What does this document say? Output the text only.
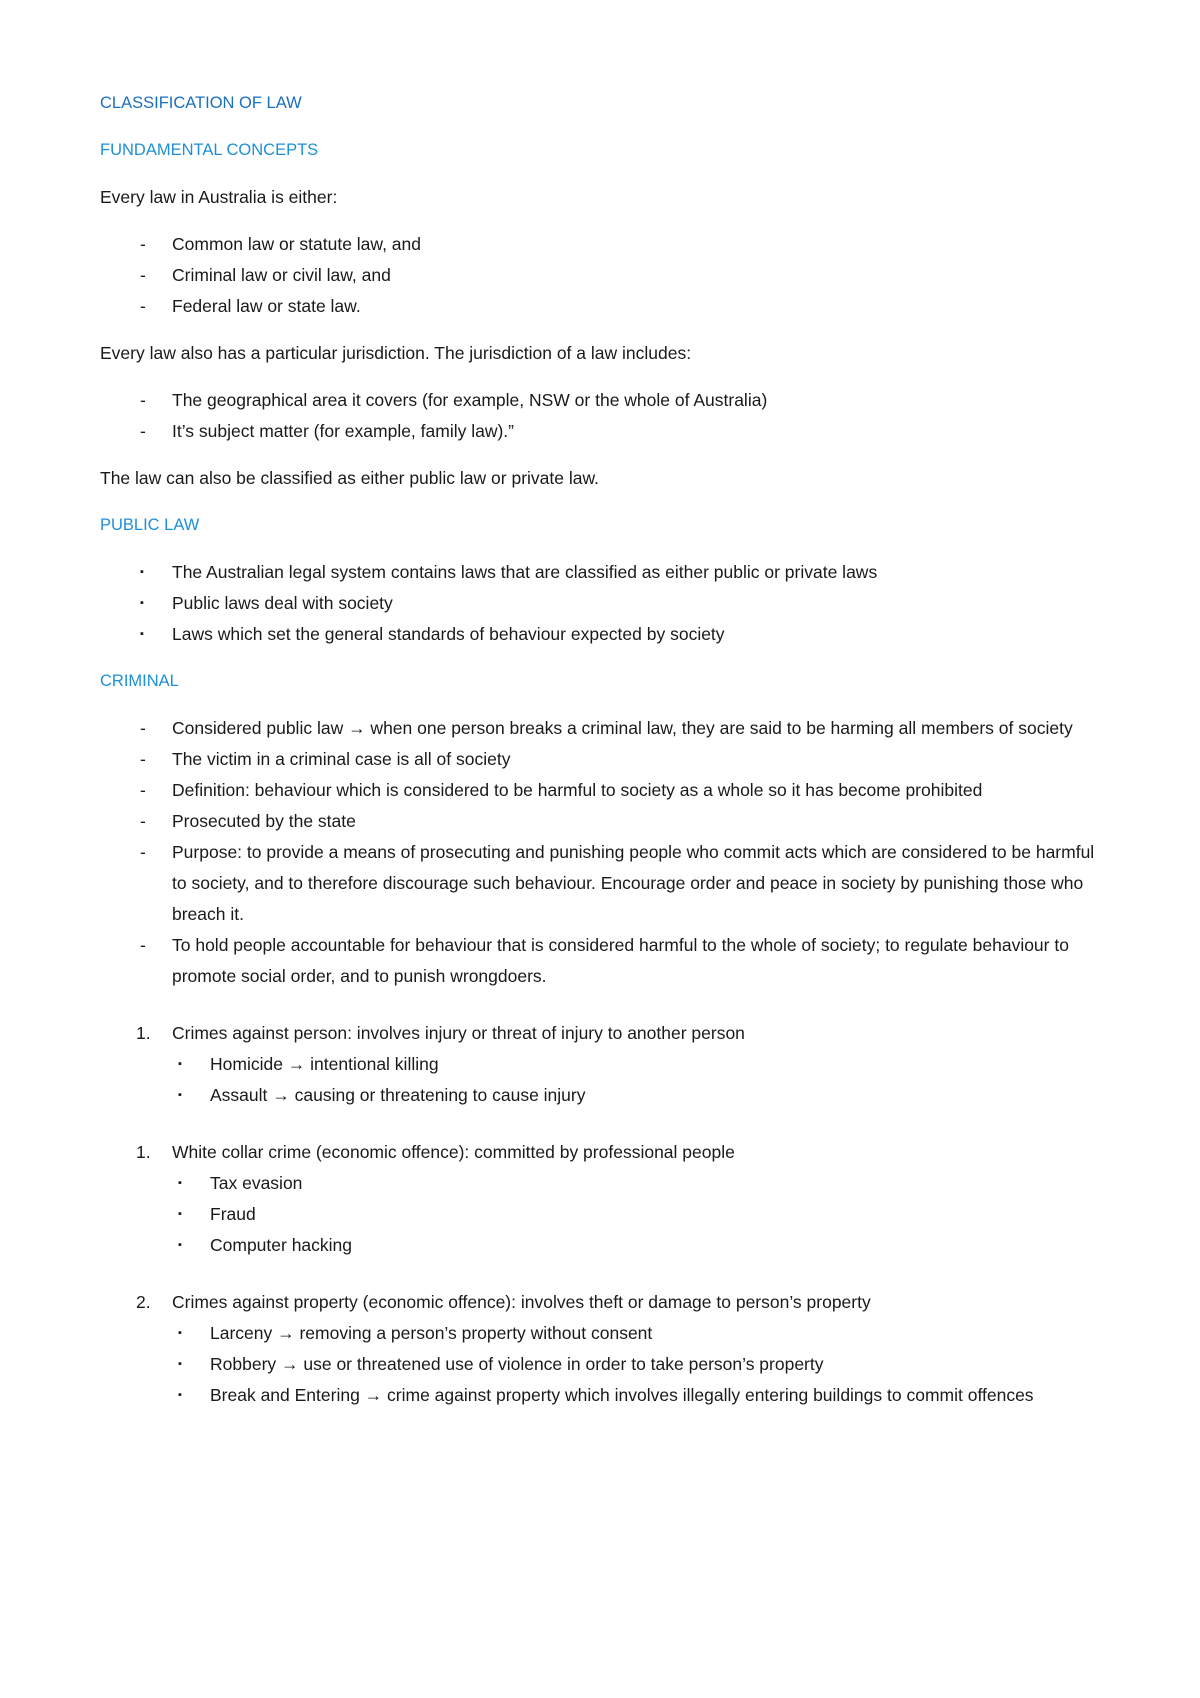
CLASSIFICATION OF LAW

FUNDAMENTAL CONCEPTS

Every law in Australia is either:

- Common law or statute law, and
- Criminal law or civil law, and
- Federal law or state law.

Every law also has a particular jurisdiction. The jurisdiction of a law includes:

- The geographical area it covers (for example, NSW or the whole of Australia)
- It’s subject matter (for example, family law).”

The law can also be classified as either public law or private law.

PUBLIC LAW

▪ The Australian legal system contains laws that are classified as either public or private laws
▪ Public laws deal with society
▪ Laws which set the general standards of behaviour expected by society

CRIMINAL

- Considered public law → when one person breaks a criminal law, they are said to be harming all members of society
- The victim in a criminal case is all of society
- Definition: behaviour which is considered to be harmful to society as a whole so it has become prohibited
- Prosecuted by the state
- Purpose: to provide a means of prosecuting and punishing people who commit acts which are considered to be harmful to society, and to therefore discourage such behaviour. Encourage order and peace in society by punishing those who breach it.
- To hold people accountable for behaviour that is considered harmful to the whole of society; to regulate behaviour to promote social order, and to punish wrongdoers.
1. Crimes against person: involves injury or threat of injury to another person
▪ Homicide → intentional killing
▪ Assault → causing or threatening to cause injury
1. White collar crime (economic offence): committed by professional people
▪ Tax evasion
▪ Fraud
▪ Computer hacking
2. Crimes against property (economic offence): involves theft or damage to person’s property
▪ Larceny → removing a person’s property without consent
▪ Robbery → use or threatened use of violence in order to take person’s property
▪ Break and Entering → crime against property which involves illegally entering buildings to commit offences
